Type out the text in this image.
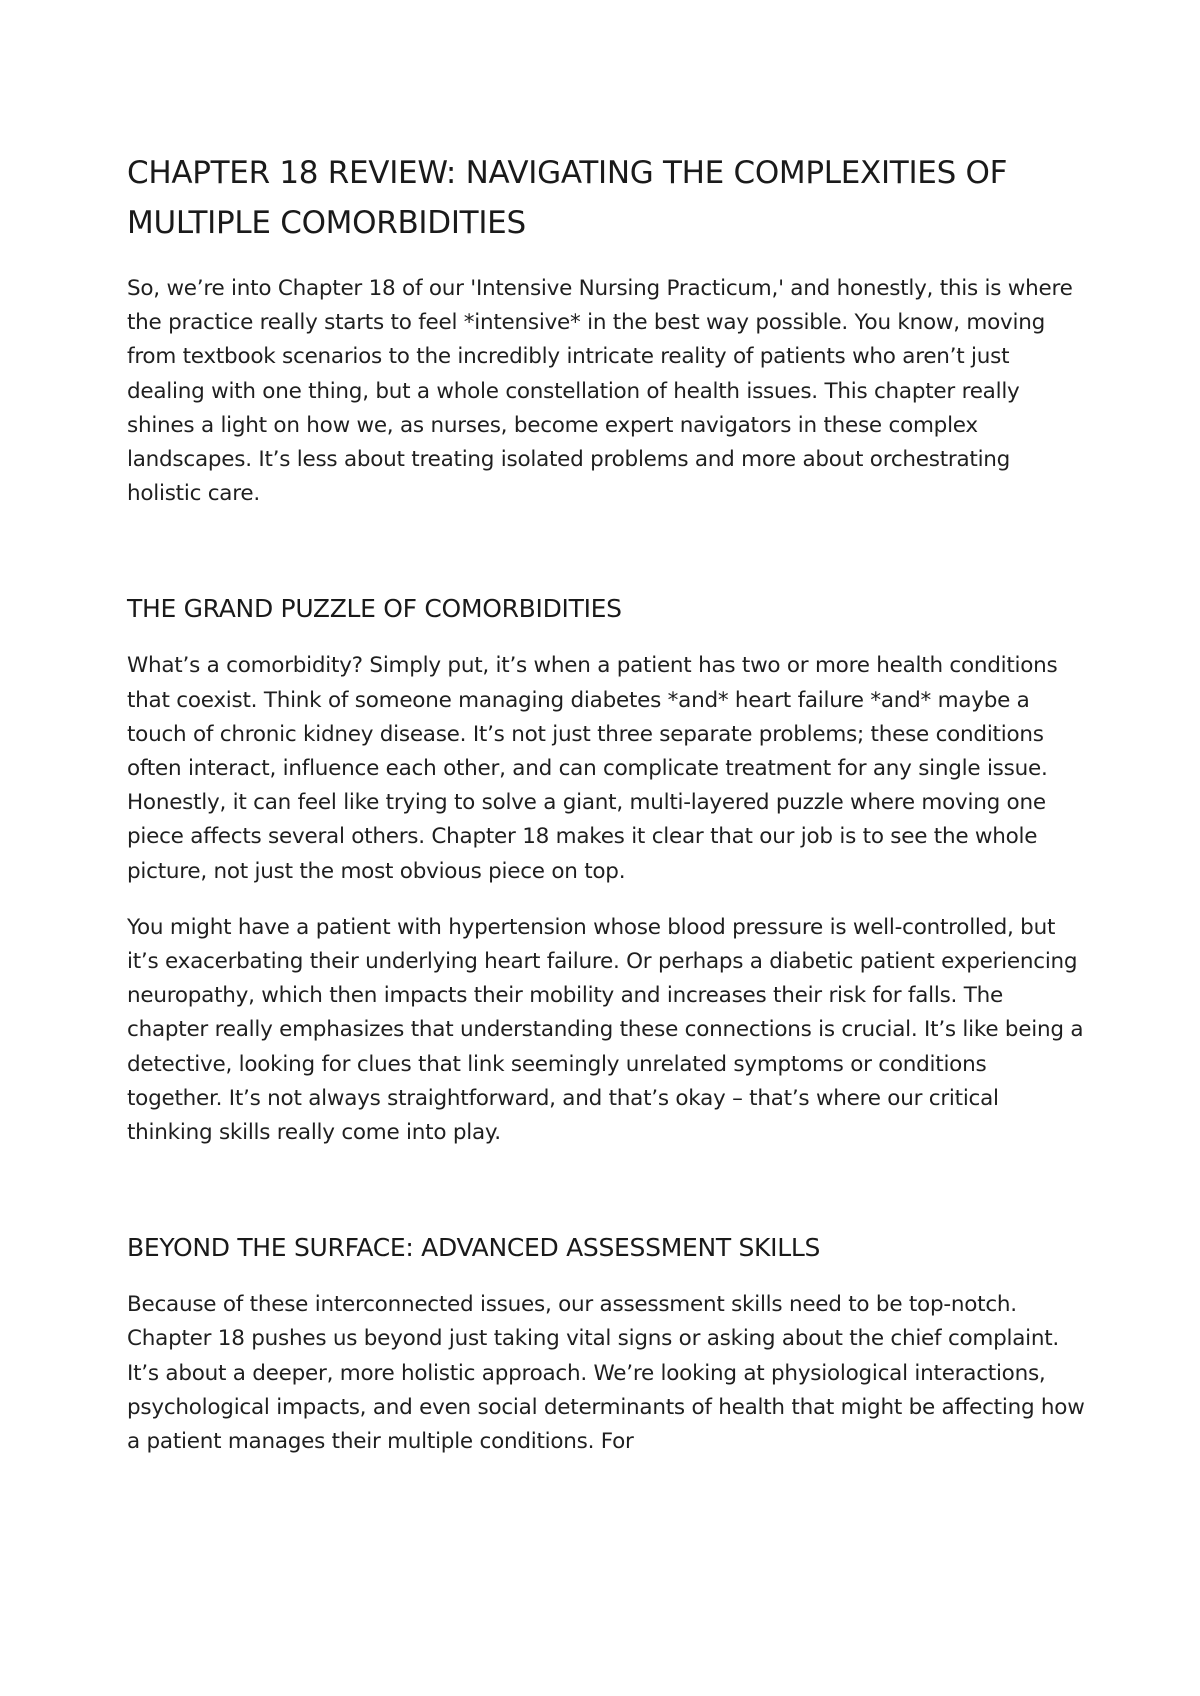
CHAPTER 18 REVIEW: NAVIGATING THE COMPLEXITIES OF MULTIPLE COMORBIDITIES

So, we’re into Chapter 18 of our 'Intensive Nursing Practicum,' and honestly, this is where the practice really starts to feel *intensive* in the best way possible. You know, moving from textbook scenarios to the incredibly intricate reality of patients who aren’t just dealing with one thing, but a whole constellation of health issues. This chapter really shines a light on how we, as nurses, become expert navigators in these complex landscapes. It’s less about treating isolated problems and more about orchestrating holistic care.

THE GRAND PUZZLE OF COMORBIDITIES

What’s a comorbidity? Simply put, it’s when a patient has two or more health conditions that coexist. Think of someone managing diabetes *and* heart failure *and* maybe a touch of chronic kidney disease. It’s not just three separate problems; these conditions often interact, influence each other, and can complicate treatment for any single issue. Honestly, it can feel like trying to solve a giant, multi-layered puzzle where moving one piece affects several others. Chapter 18 makes it clear that our job is to see the whole picture, not just the most obvious piece on top.

You might have a patient with hypertension whose blood pressure is well-controlled, but it’s exacerbating their underlying heart failure. Or perhaps a diabetic patient experiencing neuropathy, which then impacts their mobility and increases their risk for falls. The chapter really emphasizes that understanding these connections is crucial. It’s like being a detective, looking for clues that link seemingly unrelated symptoms or conditions together. It’s not always straightforward, and that’s okay – that’s where our critical thinking skills really come into play.

BEYOND THE SURFACE: ADVANCED ASSESSMENT SKILLS

Because of these interconnected issues, our assessment skills need to be top-notch. Chapter 18 pushes us beyond just taking vital signs or asking about the chief complaint. It’s about a deeper, more holistic approach. We’re looking at physiological interactions, psychological impacts, and even social determinants of health that might be affecting how a patient manages their multiple conditions. For
